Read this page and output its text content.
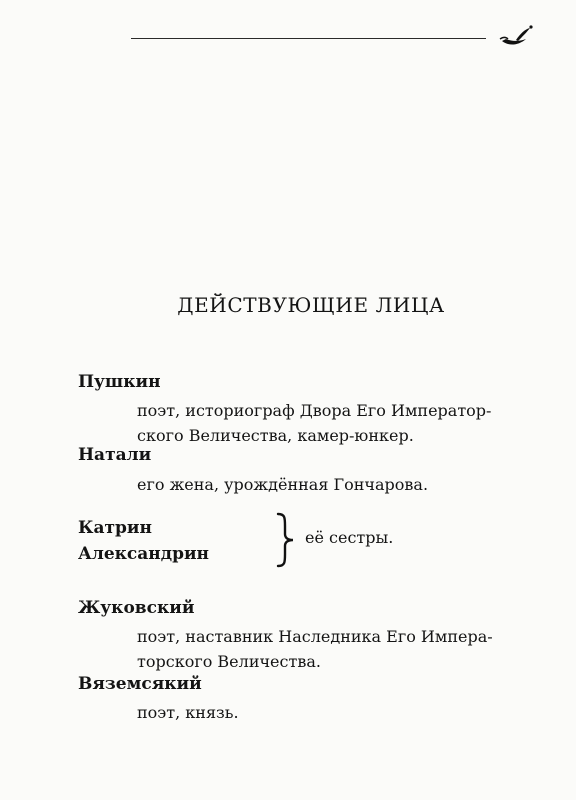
ДЕЙСТВУЮЩИЕ ЛИЦА
Пушкин
поэт, историограф Двора Его Император-
ского Величества, камер-юнкер.
Натали
его жена, урождённая Гончарова.
Катрин
Александрин
её сестры.
Жуковский
поэт, наставник Наследника Его Импера-
торского Величества.
Вяземсякий
поэт, князь.
